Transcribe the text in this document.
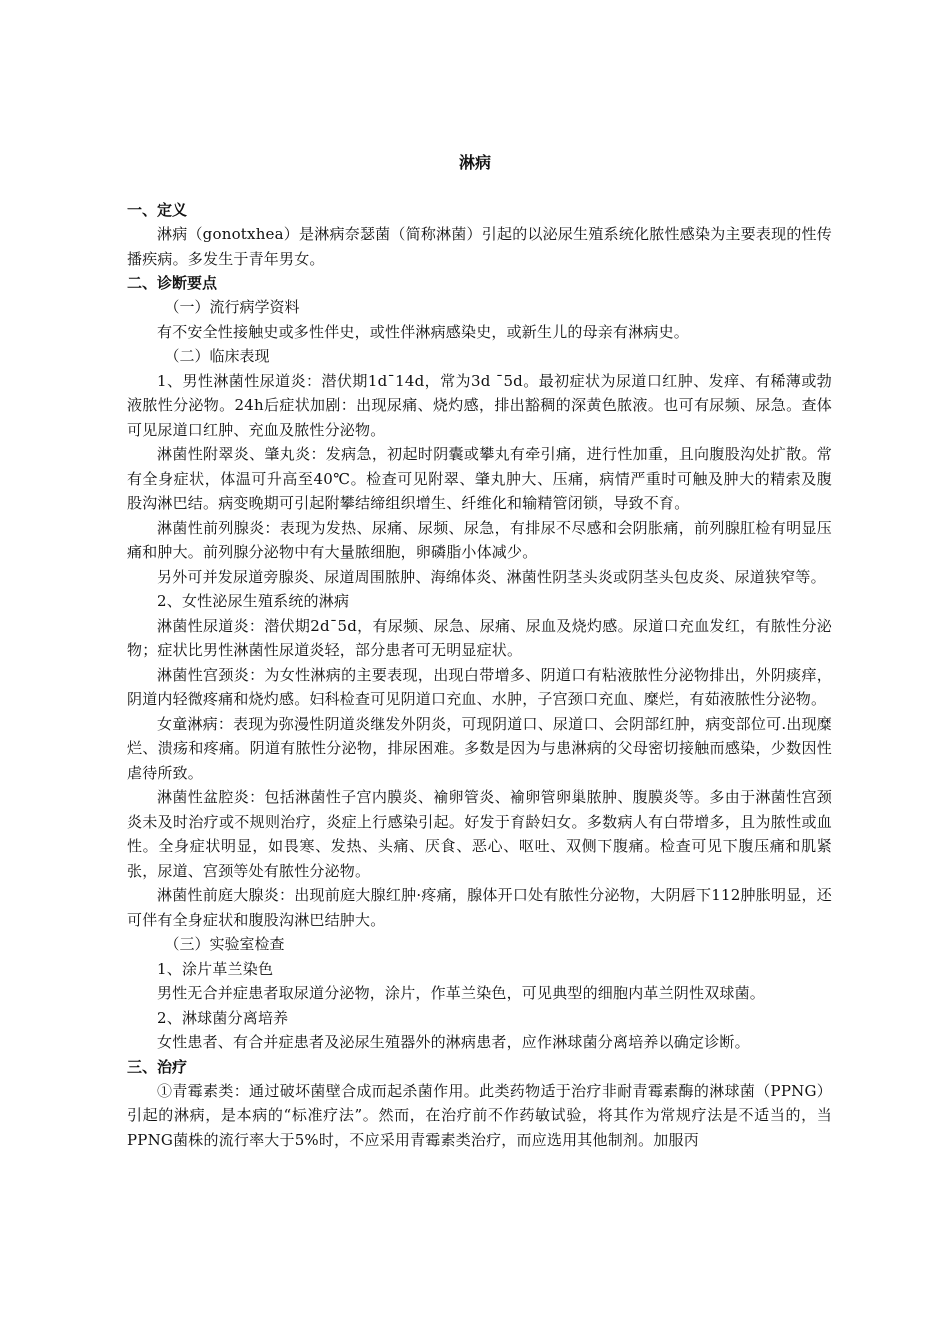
淋病

一、定义

淋病（gonotxhea）是淋病奈瑟菌（简称淋菌）引起的以泌尿生殖系统化脓性感染为主要表现的性传播疾病。多发生于青年男女。

二、诊断要点

（一）流行病学资料

有不安全性接触史或多性伴史，或性伴淋病感染史，或新生儿的母亲有淋病史。

（二）临床表现

1、男性淋菌性尿道炎：潜伏期1d¯14d，常为3d ¯5d。最初症状为尿道口红肿、发痒、有稀薄或勃液脓性分泌物。24h后症状加剧：出现尿痛、烧灼感，排出豁稠的深黄色脓液。也可有尿频、尿急。查体可见尿道口红肿、充血及脓性分泌物。

淋菌性附翠炎、肇丸炎：发病急，初起时阴囊或攀丸有牵引痛，进行性加重，且向腹股沟处扩散。常有全身症状，体温可升高至40℃。检查可见附翠、肇丸肿大、压痛，病情严重时可触及肿大的精索及腹股沟淋巴结。病变晚期可引起附攀结缔组织增生、纤维化和输精管闭锁，导致不育。

淋菌性前列腺炎：表现为发热、尿痛、尿频、尿急，有排尿不尽感和会阴胀痛，前列腺肛检有明显压痛和肿大。前列腺分泌物中有大量脓细胞，卵磷脂小体减少。

另外可并发尿道旁腺炎、尿道周围脓肿、海绵体炎、淋菌性阴茎头炎或阴茎头包皮炎、尿道狭窄等。

2、女性泌尿生殖系统的淋病

淋菌性尿道炎：潜伏期2d¯5d，有尿频、尿急、尿痛、尿血及烧灼感。尿道口充血发红，有脓性分泌物；症状比男性淋菌性尿道炎轻，部分患者可无明显症状。

淋菌性宫颈炎：为女性淋病的主要表现，出现白带增多、阴道口有粘液脓性分泌物排出，外阴痰痒，阴道内轻微疼痛和烧灼感。妇科检查可见阴道口充血、水肿，子宫颈口充血、糜烂，有茹液脓性分泌物。

女童淋病：表现为弥漫性阴道炎继发外阴炎，可现阴道口、尿道口、会阴部红肿，病变部位可.出现糜烂、溃疡和疼痛。阴道有脓性分泌物，排尿困难。多数是因为与患淋病的父母密切接触而感染，少数因性虐待所致。

淋菌性盆腔炎：包括淋菌性子宫内膜炎、褕卵管炎、褕卵管卵巢脓肿、腹膜炎等。多由于淋菌性宫颈炎未及时治疗或不规则治疗，炎症上行感染引起。好发于育龄妇女。多数病人有白带增多，且为脓性或血性。全身症状明显，如畏寒、发热、头痛、厌食、恶心、呕吐、双侧下腹痛。检查可见下腹压痛和肌紧张，尿道、宫颈等处有脓性分泌物。

淋菌性前庭大腺炎：出现前庭大腺红肿·疼痛，腺体开口处有脓性分泌物，大阴唇下112肿胀明显，还可伴有全身症状和腹股沟淋巴结肿大。

（三）实验室检查

1、涂片革兰染色

男性无合并症患者取尿道分泌物，涂片，作革兰染色，可见典型的细胞内革兰阴性双球菌。

2、淋球菌分离培养

女性患者、有合并症患者及泌尿生殖器外的淋病患者，应作淋球菌分离培养以确定诊断。

三、治疗

①青霉素类：通过破坏菌壁合成而起杀菌作用。此类药物适于治疗非耐青霉素酶的淋球菌（PPNG）引起的淋病，是本病的“标准疗法”。然而，在治疗前不作药敏试验，将其作为常规疗法是不适当的，当PPNG菌株的流行率大于5%时，不应采用青霉素类治疗，而应选用其他制剂。加服丙
